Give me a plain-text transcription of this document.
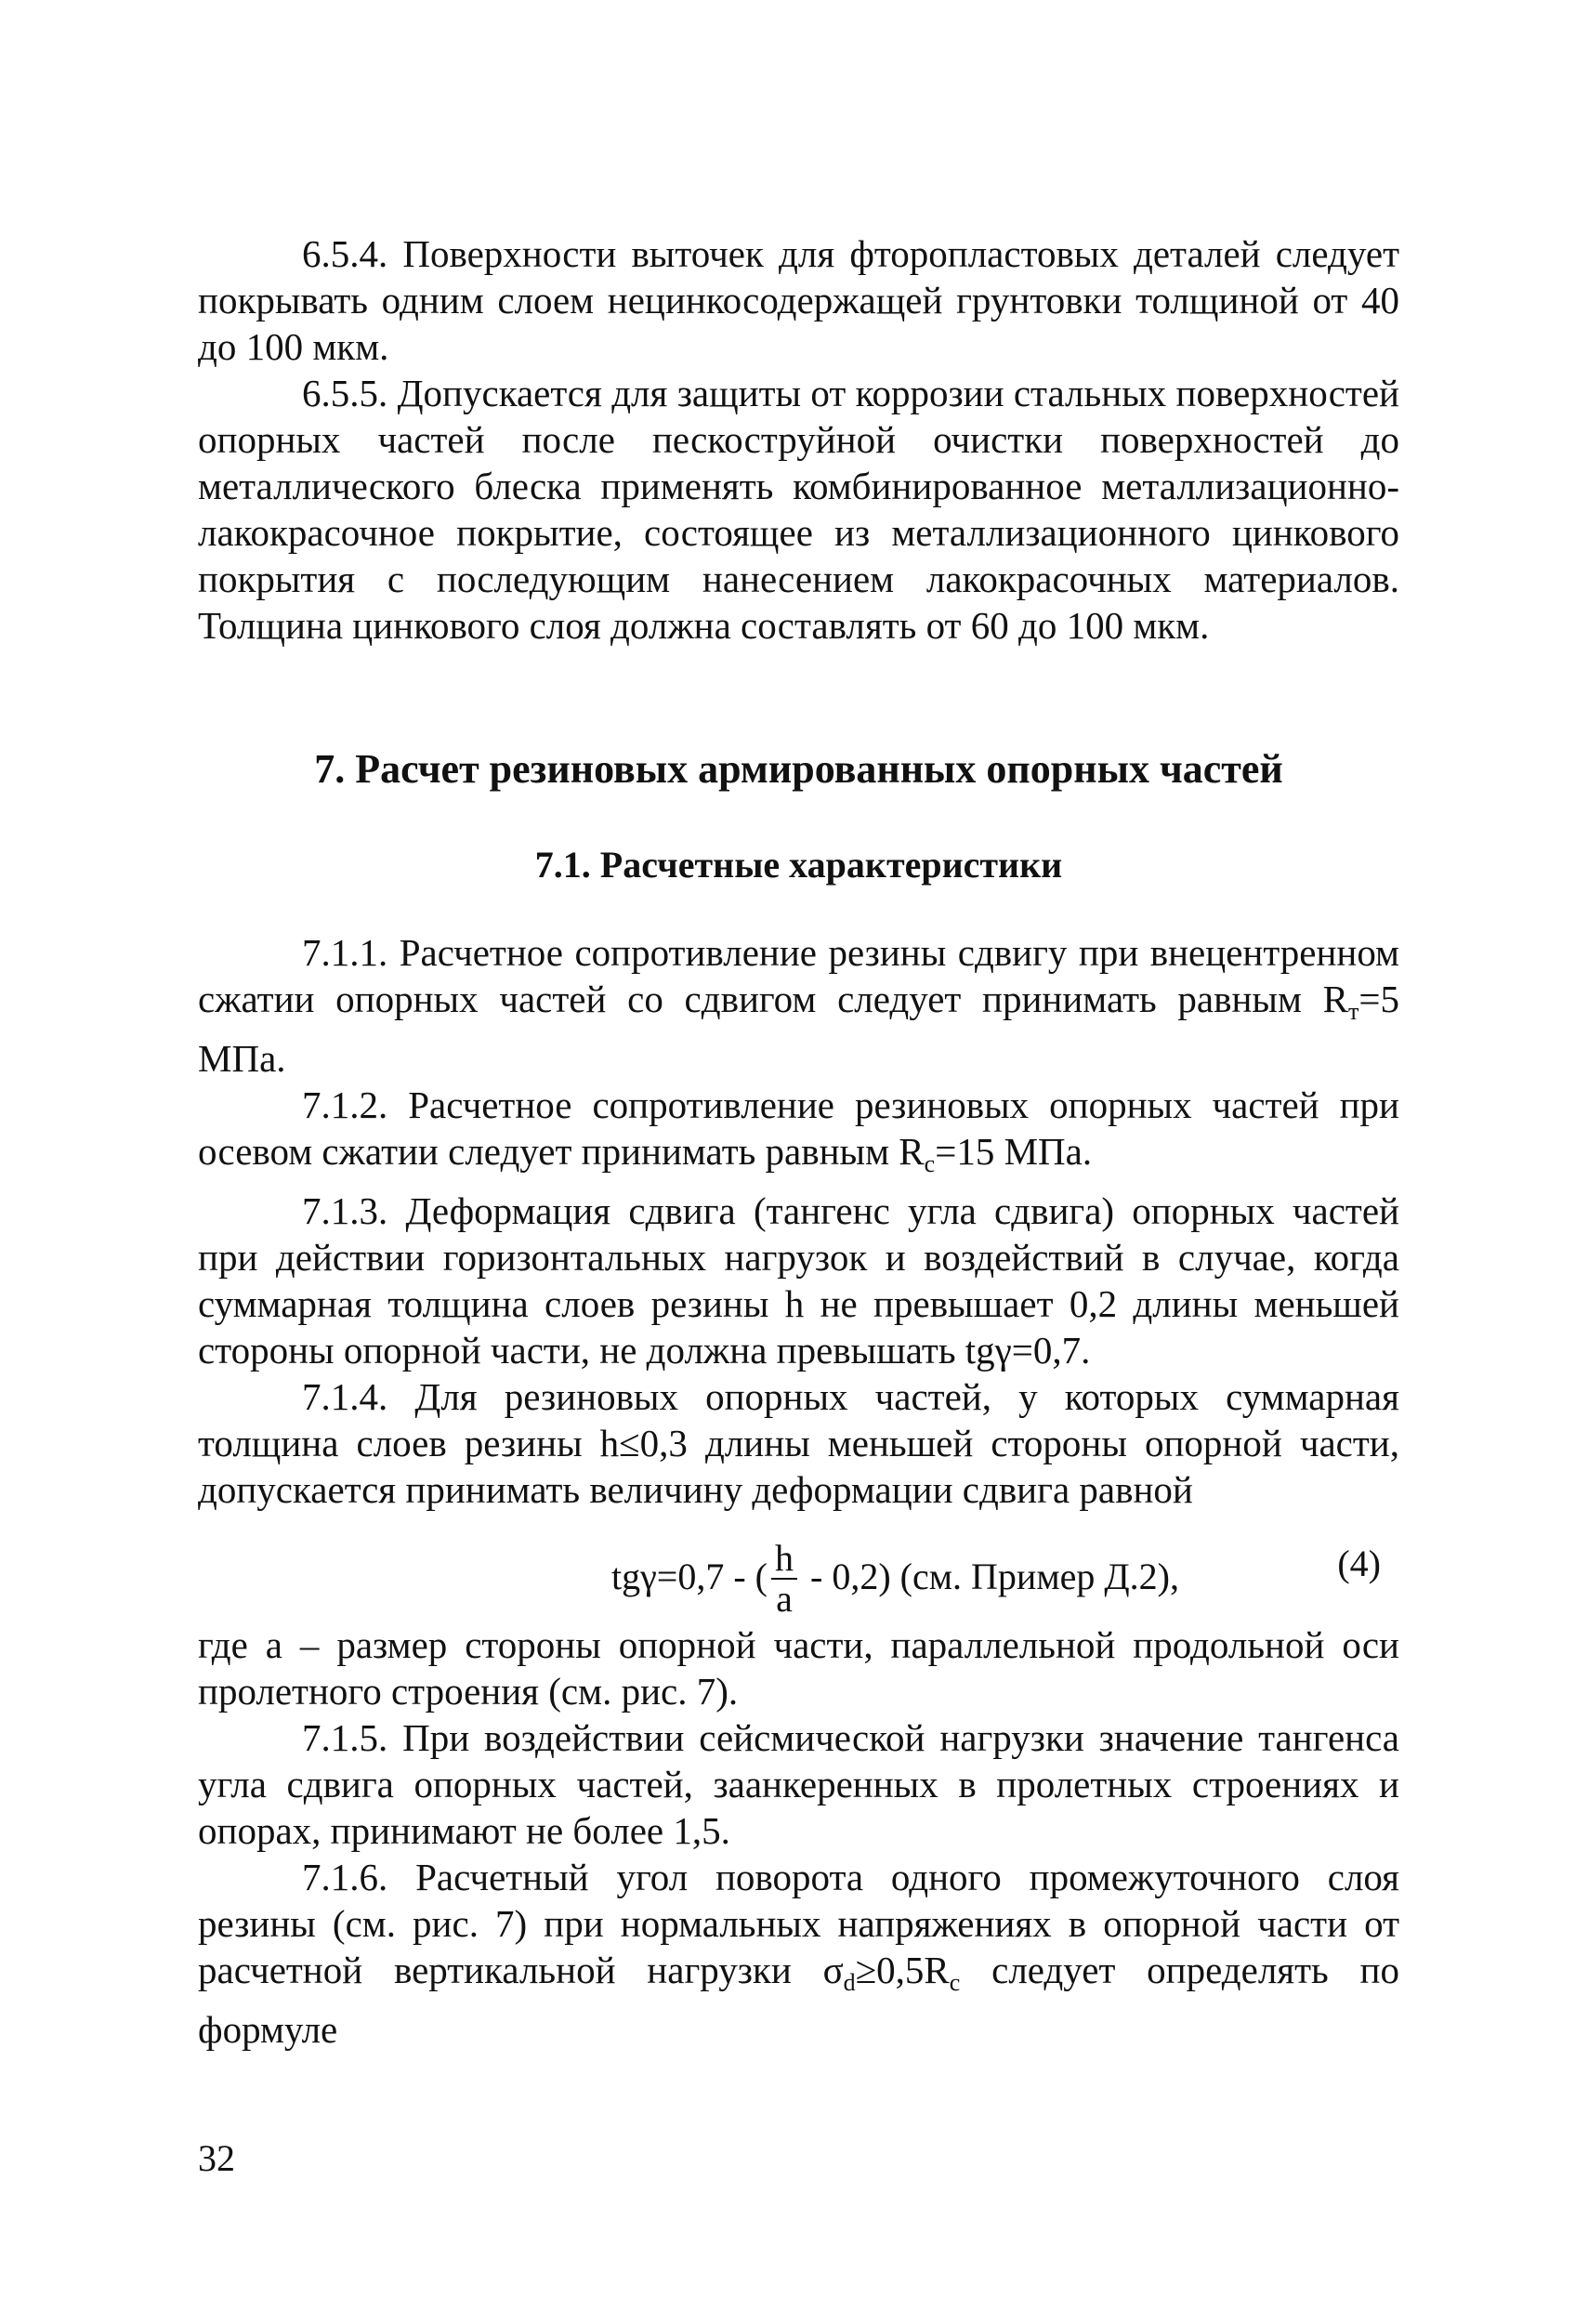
6.5.4. Поверхности выточек для фторопластовых деталей следует покрывать одним слоем нецинкосодержащей грунтовки толщиной от 40 до 100 мкм.

6.5.5. Допускается для защиты от коррозии стальных поверхностей опорных частей после пескоструйной очистки поверхностей до металлического блеска применять комбинированное металлизационно-лакокрасочное покрытие, состоящее из металлизационного цинкового покрытия с последующим нанесением лакокрасочных материалов. Толщина цинкового слоя должна составлять от 60 до 100 мкм.

7. Расчет резиновых армированных опорных частей
7.1. Расчетные характеристики

7.1.1. Расчетное сопротивление резины сдвигу при внецентренном сжатии опорных частей со сдвигом следует принимать равным $R_т=5$ МПа.

7.1.2. Расчетное сопротивление резиновых опорных частей при осевом сжатии следует принимать равным $R_с=15$ МПа.

7.1.3. Деформация сдвига (тангенс угла сдвига) опорных частей при действии горизонтальных нагрузок и воздействий в случае, когда суммарная толщина слоев резины h не превышает 0,2 длины меньшей стороны опорной части, не должна превышать tgγ=0,7.

7.1.4. Для резиновых опорных частей, у которых суммарная толщина слоев резины h≤0,3 длины меньшей стороны опорной части, допускается принимать величину деформации сдвига равной

tgγ=0,7 - ( $\frac{h}{a} - 0,2$) (см. Пример Д.2),	(4)

где а – размер стороны опорной части, параллельной продольной оси пролетного строения (см. рис. 7).

7.1.5. При воздействии сейсмической нагрузки значение тангенса угла сдвига опорных частей, заанкеренных в пролетных строениях и опорах, принимают не более 1,5.

7.1.6. Расчетный угол поворота одного промежуточного слоя резины (см. рис. 7) при нормальных напряжениях в опорной части от расчетной вертикальной нагрузки $\sigma_d\ge 0,5R_с$ следует определять по формуле

32
